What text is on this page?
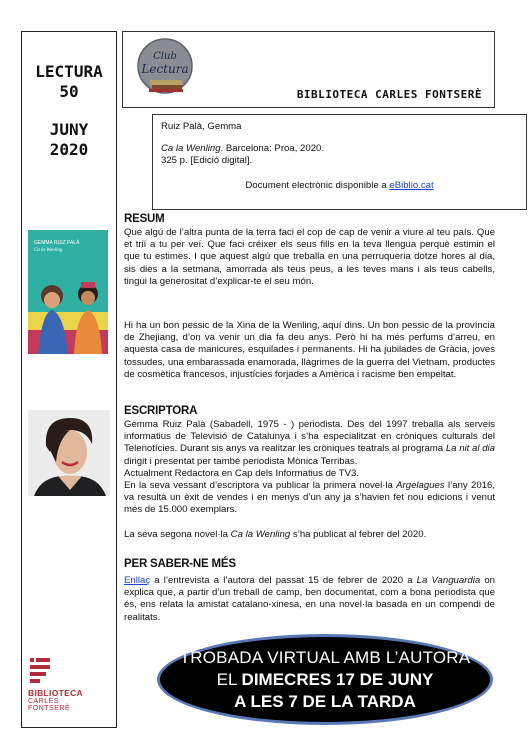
LECTURA
50
JUNY
2020
Club
Lectura
BIBLIOTECA CARLES FONTSERÈ
Ruiz Palà, Gemma
Ca la Wenling. Barcelona: Proa, 2020.
325 p. [Edició digital].
Document electrònic disponible a eBiblio.cat
GEMMA RUIZ PALÀ
Ca la Wenling
RESUM
Que algú de l’altra punta de la terra faci el cop de cap de venir a viure al teu país. Que et triï a tu per veí. Que faci créixer els seus fills en la teva llengua perquè estimin el que tu estimes. I que aquest algú que treballa en una perruqueria dotze hores al dia, sis dies a la setmana, amorrada als teus peus, a les teves mans i als teus cabells, tingui la generositat d’explicar-te el seu món.
Hi ha un bon pessic de la Xina de la Wenling, aquí dins. Un bon pessic de la província de Zhejiang, d’on va venir un dia fa deu anys. Però hi ha més perfums d’arreu, en aquesta casa de manicures, esquilades i permanents. Hi ha jubilades de Gràcia, joves tossudes, una embarassada enamorada, llàgrimes de la guerra del Vietnam, productes de cosmètica francesos, injustícies forjades a Amèrica i racisme ben empeltat.
ESCRIPTORA
Gemma Ruiz Palà (Sabadell, 1975 - ) periodista. Des del 1997 treballa als serveis informatius de Televisió de Catalunya i s’ha especialitzat en cròniques culturals del Telenotícies. Durant sis anys va realitzar les cròniques teatrals al programa La nit al dia dirigit i presentat per també periodista Mònica Terribas.
Actualment Redactora en Cap dels Informatius de TV3.
En la seva vessant d’escriptora va publicar la primera novel·la Argelagues l’any 2016, va resultà un èxit de vendes i en menys d’un any ja s’havien fet nou edicions i venut més de 15.000 exemplars.
La seva segona novel·la Ca la Wenling s’ha publicat al febrer del 2020.
PER SABER-NE MÉS
Enllaç a l’entrevista a l’autora del passat 15 de febrer de 2020 a La Vanguardia on explica que, a partir d’un treball de camp, ben documentat, com a bona periodista que és, ens relata la amistat catalano-xinesa, en una novel·la basada en un compendi de realitats.
BIBLIOTECA
CARLES FONTSERÈ
TROBADA VIRTUAL AMB L’AUTORA
EL DIMECRES 17 DE JUNY
A LES 7 DE LA TARDA
